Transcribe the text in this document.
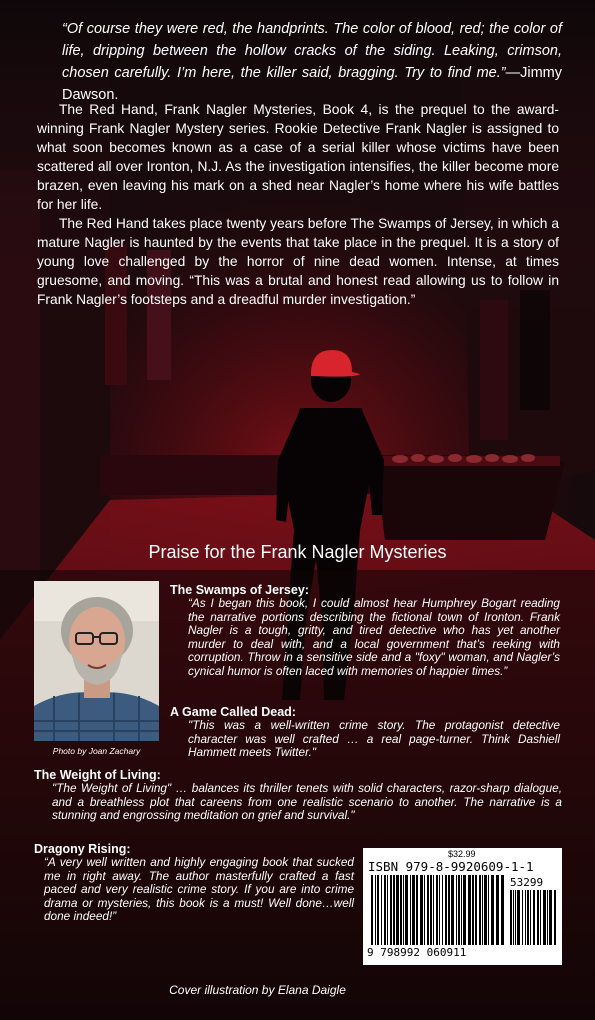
“Of course they were red, the handprints. The color of blood, red; the color of life, dripping between the hollow cracks of the siding. Leaking, crimson, chosen carefully. I’m here, the killer said, bragging. Try to find me.”—Jimmy Dawson.

The Red Hand, Frank Nagler Mysteries, Book 4, is the prequel to the award-winning Frank Nagler Mystery series. Rookie Detective Frank Nagler is assigned to what soon becomes known as a case of a serial killer whose victims have been scattered all over Ironton, N.J. As the investigation intensifies, the killer become more brazen, even leaving his mark on a shed near Nagler’s home where his wife battles for her life.

The Red Hand takes place twenty years before The Swamps of Jersey, in which a mature Nagler is haunted by the events that take place in the prequel. It is a story of young love challenged by the horror of nine dead women. Intense, at times gruesome, and moving. “This was a brutal and honest read allowing us to follow in Frank Nagler’s footsteps and a dreadful murder investigation.”

Praise for the Frank Nagler Mysteries
Photo by Joan Zachary

The Swamps of Jersey:

“As I began this book, I could almost hear Humphrey Bogart reading the narrative portions describing the fictional town of Ironton. Frank Nagler is a tough, gritty, and tired detective who has yet another murder to deal with, and a local government that’s reeking with corruption. Throw in a sensitive side and a "foxy" woman, and Nagler’s cynical humor is often laced with memories of happier times.”

A Game Called Dead:

"This was a well-written crime story. The protagonist detective character was well crafted … a real page-turner. Think Dashiell Hammett meets Twitter."

The Weight of Living:

"The Weight of Living" … balances its thriller tenets with solid characters, razor-sharp dialogue, and a breathless plot that careens from one realistic scenario to another. The narrative is a stunning and engrossing meditation on grief and survival."

Dragony Rising:

“A very well written and highly engaging book that sucked me in right away. The author masterfully crafted a fast paced and very realistic crime story. If you are into crime drama or mysteries, this book is a must! Well done…well done indeed!”

$32.99
ISBN 979-8-9920609-1-1
53299
9 798992 060911
Cover illustration by Elana Daigle
